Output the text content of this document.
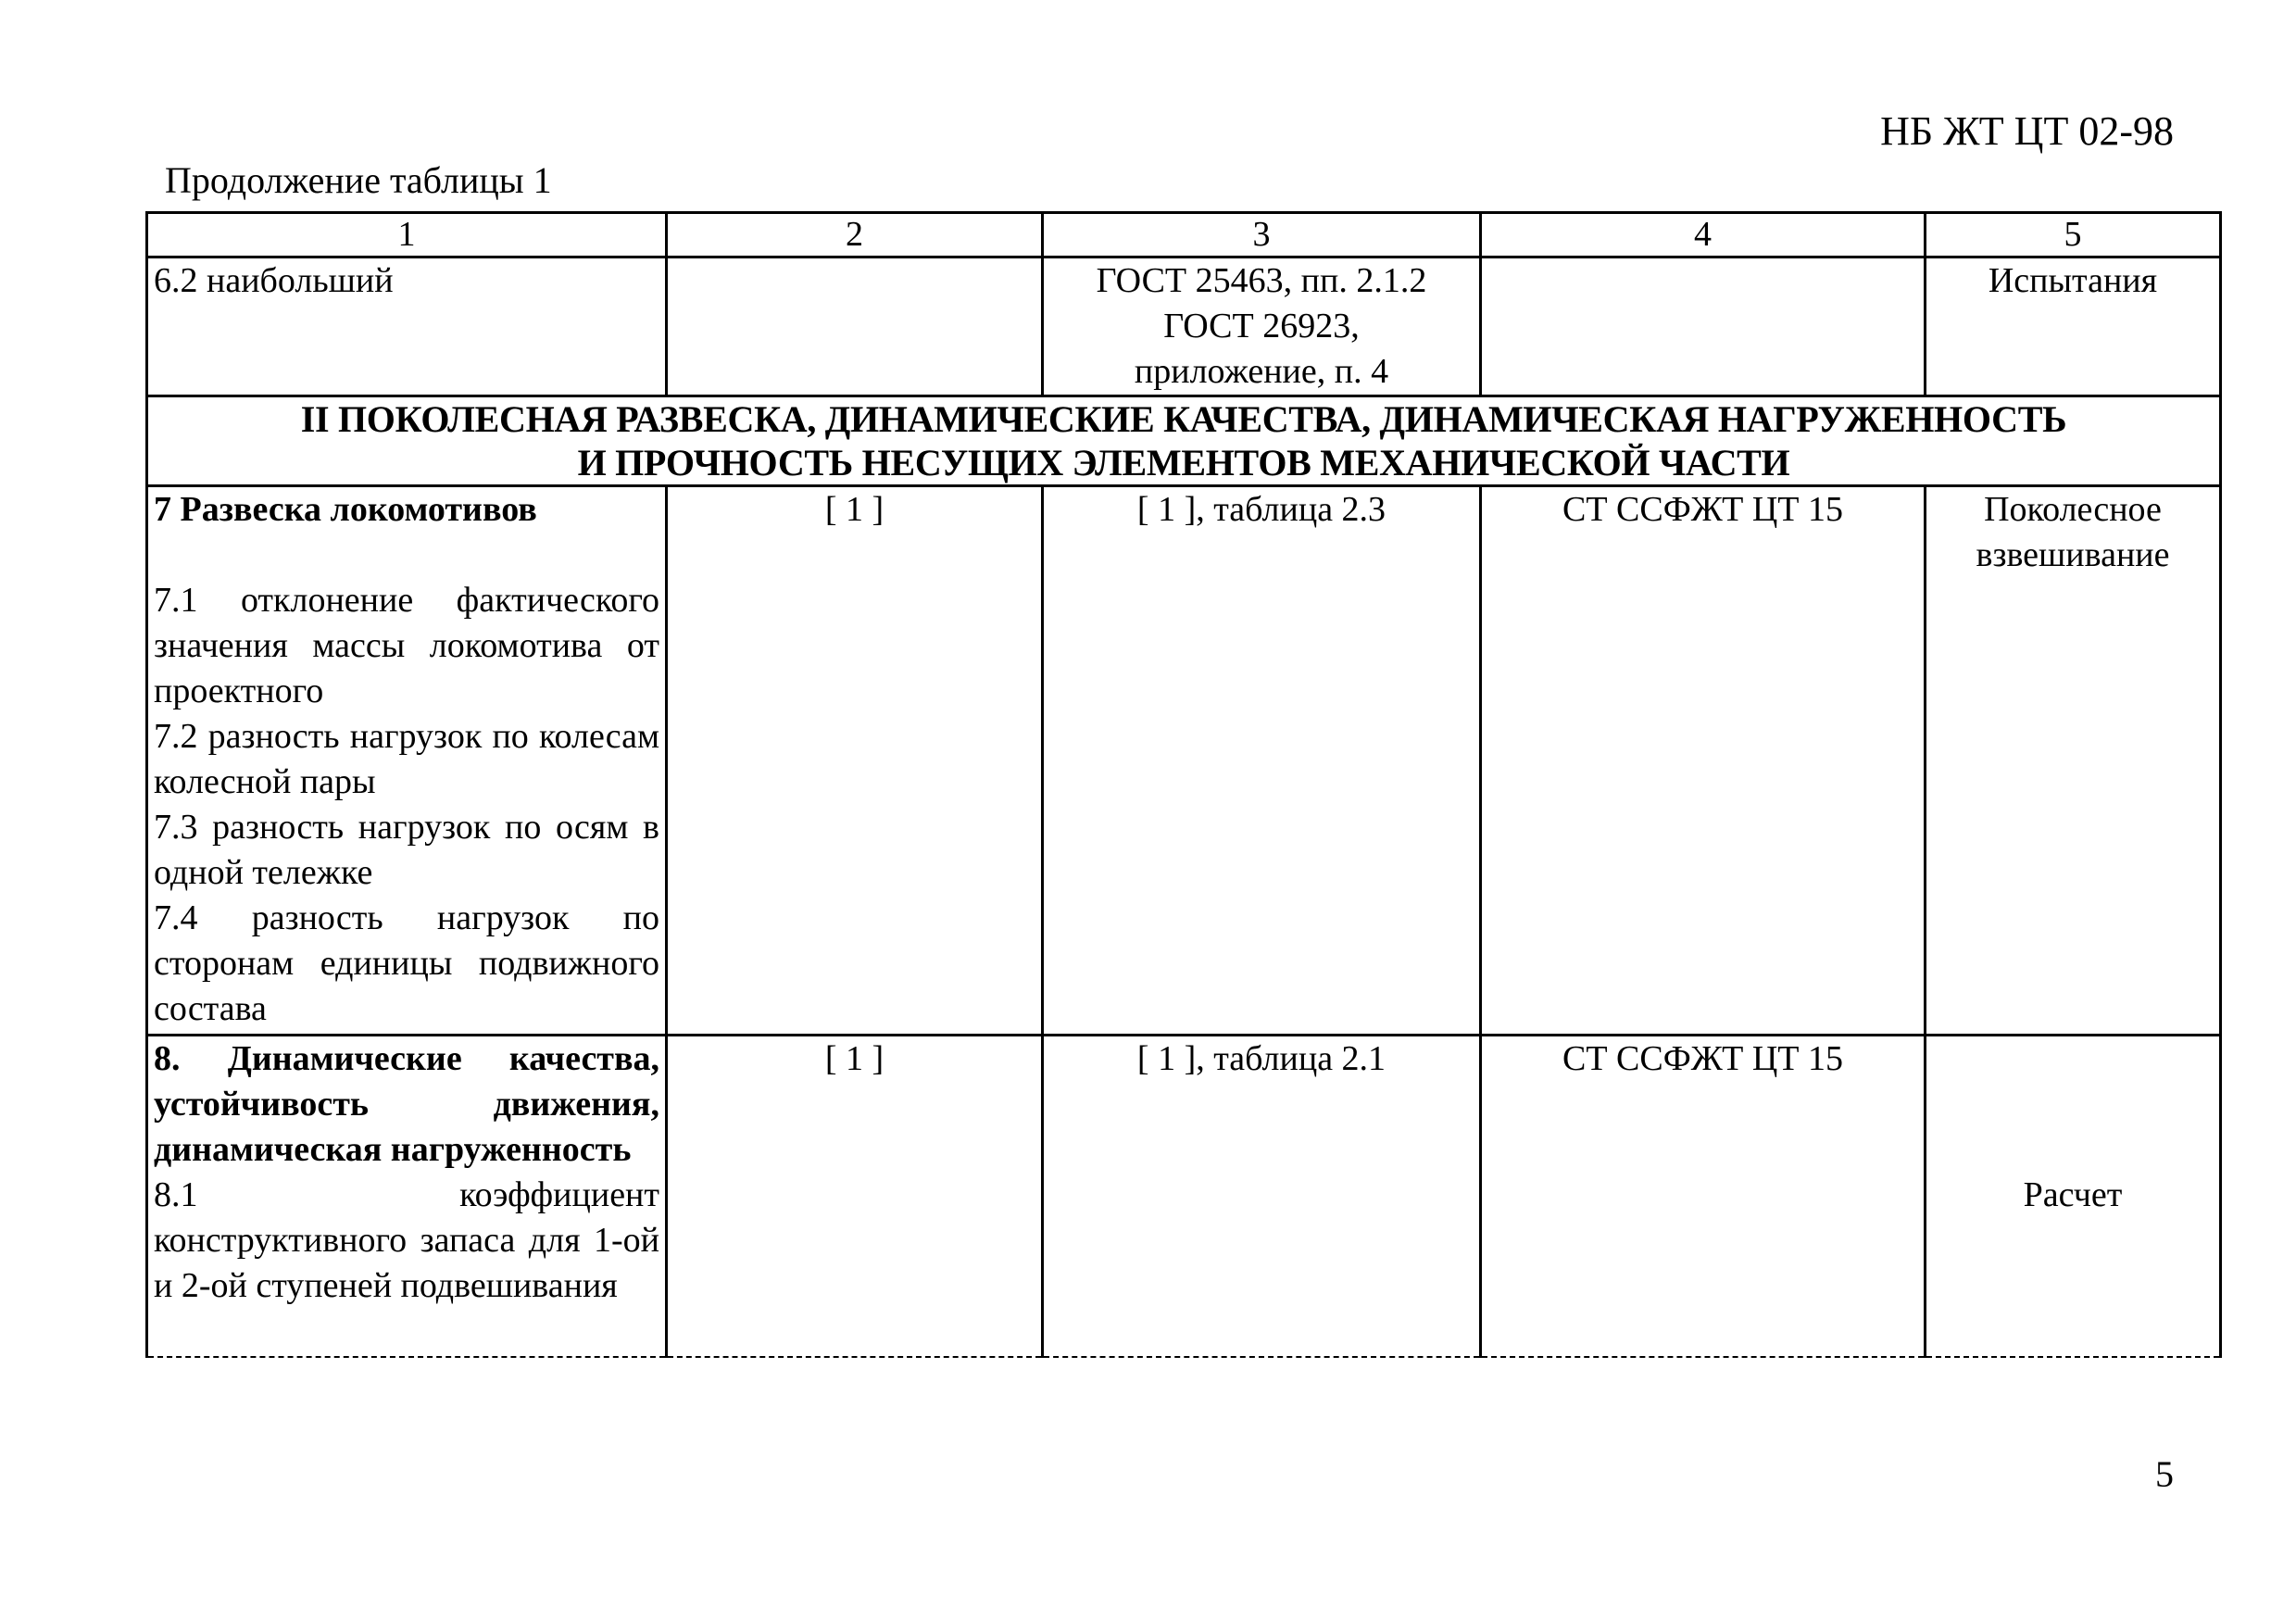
НБ ЖТ ЦТ 02-98
Продолжение таблицы 1
1	2	3	4	5
6.2 наибольший		ГОСТ 25463, пп. 2.1.2
ГОСТ 26923,
приложение, п. 4		Испытания

II ПОКОЛЕСНАЯ РАЗВЕСКА, ДИНАМИЧЕСКИЕ КАЧЕСТВА, ДИНАМИЧЕСКАЯ НАГРУЖЕННОСТЬ
И ПРОЧНОСТЬ НЕСУЩИХ ЭЛЕМЕНТОВ МЕХАНИЧЕСКОЙ ЧАСТИ				

7 Развеска локомотивов
7.1 отклонение фактического значения массы локомотива от проектного
7.2 разность нагрузок по колесам колесной пары
7.3 разность нагрузок по осям в одной тележке
7.4 разность нагрузок по сторонам единицы подвижного состава	[ 1 ]	[ 1 ], таблица 2.3	СТ ССФЖТ ЦТ 15	Поколесное
взвешивание

8. Динамические качества, устойчивость движения, динамическая нагруженность
8.1 коэффициент конструктивного запаса для 1-ой и 2-ой ступеней подвешивания	[ 1 ]	[ 1 ], таблица 2.1	СТ ССФЖТ ЦТ 15	Расчет
5
